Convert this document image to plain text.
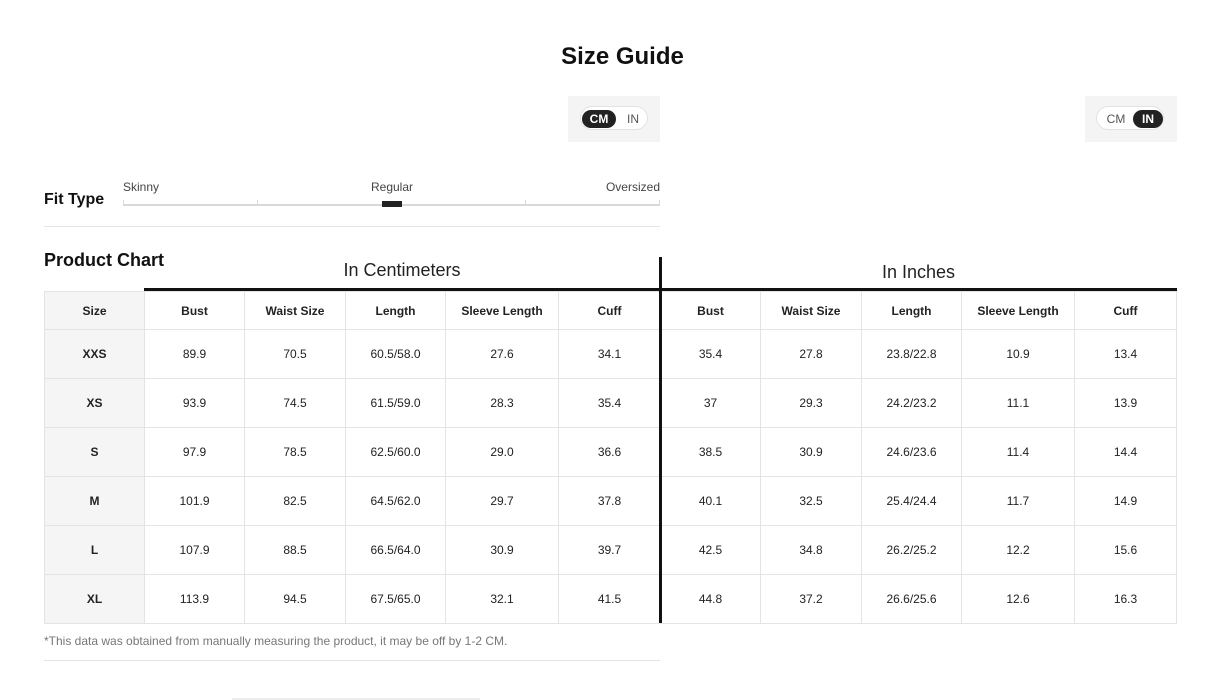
Size Guide
CM	IN	CM	IN
Fit Type
Skinny	Regular	Oversized
Product Chart	In Centimeters	In Inches
Size	Bust	Waist Size	Length	Sleeve Length	Cuff	Bust	Waist Size	Length	Sleeve Length	Cuff
XXS	89.9	70.5	60.5/58.0	27.6	34.1	35.4	27.8	23.8/22.8	10.9	13.4
XS	93.9	74.5	61.5/59.0	28.3	35.4	37	29.3	24.2/23.2	11.1	13.9
S	97.9	78.5	62.5/60.0	29.0	36.6	38.5	30.9	24.6/23.6	11.4	14.4
M	101.9	82.5	64.5/62.0	29.7	37.8	40.1	32.5	25.4/24.4	11.7	14.9
L	107.9	88.5	66.5/64.0	30.9	39.7	42.5	34.8	26.2/25.2	12.2	15.6
XL	113.9	94.5	67.5/65.0	32.1	41.5	44.8	37.2	26.6/25.6	12.6	16.3
*This data was obtained from manually measuring the product, it may be off by 1-2 CM.
